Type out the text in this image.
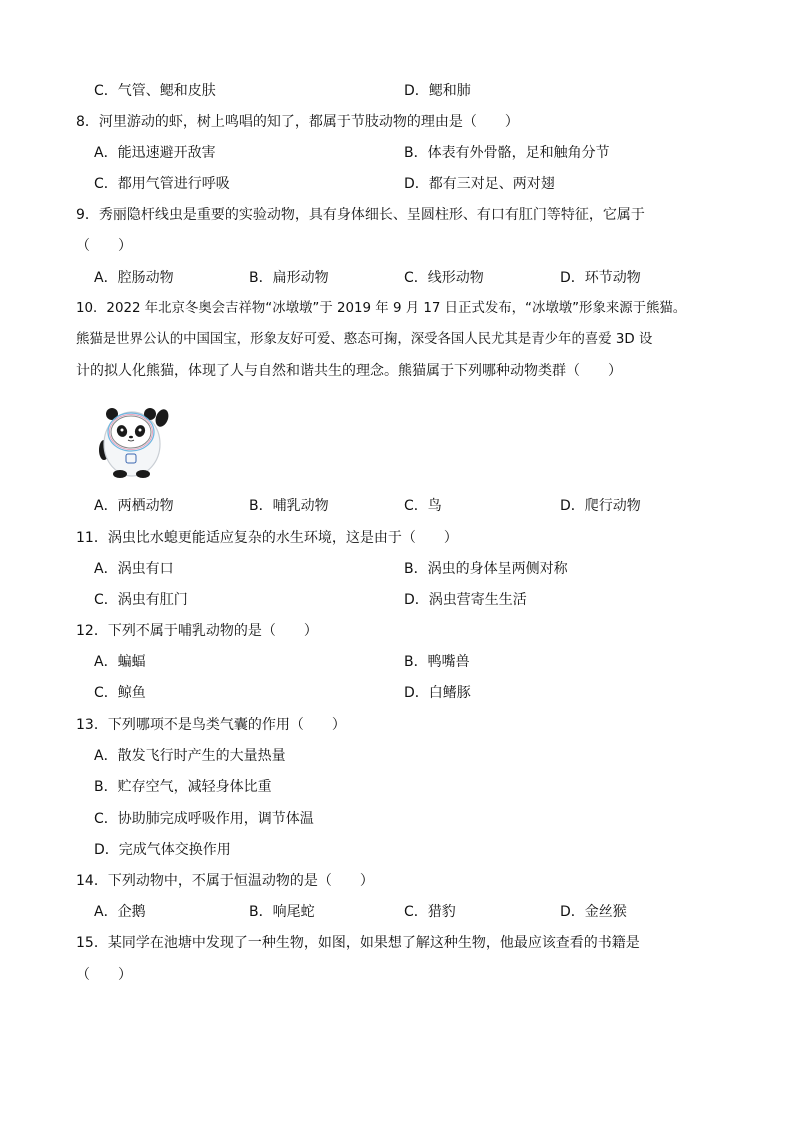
C．气管、鳃和皮肤	D．鳃和肺
8．河里游动的虾，树上鸣唱的知了，都属于节肢动物的理由是（　　）
A．能迅速避开敌害	B．体表有外骨骼，足和触角分节
C．都用气管进行呼吸	D．都有三对足、两对翅
9．秀丽隐杆线虫是重要的实验动物，具有身体细长、呈圆柱形、有口有肛门等特征，它属于
（　　）
A．腔肠动物	B．扁形动物	C．线形动物	D．环节动物
10．2022 年北京冬奥会吉祥物“冰墩墩”于 2019 年 9 月 17 日正式发布，“冰墩墩”形象来源于熊猫。
熊猫是世界公认的中国国宝，形象友好可爱、憨态可掬，深受各国人民尤其是青少年的喜爱 3D 设
计的拟人化熊猫，体现了人与自然和谐共生的理念。熊猫属于下列哪种动物类群（　　）
A．两栖动物	B．哺乳动物	C．鸟	D．爬行动物
11．涡虫比水螅更能适应复杂的水生环境，这是由于（　　）
A．涡虫有口	B．涡虫的身体呈两侧对称
C．涡虫有肛门	D．涡虫营寄生生活
12．下列不属于哺乳动物的是（　　）
A．蝙蝠	B．鸭嘴兽
C．鲸鱼	D．白鳍豚
13．下列哪项不是鸟类气囊的作用（　　）
A．散发飞行时产生的大量热量
B．贮存空气，减轻身体比重
C．协助肺完成呼吸作用，调节体温
D．完成气体交换作用
14．下列动物中，不属于恒温动物的是（　　）
A．企鹅	B．响尾蛇	C．猎豹	D．金丝猴
15．某同学在池塘中发现了一种生物，如图，如果想了解这种生物，他最应该查看的书籍是
（　　）
